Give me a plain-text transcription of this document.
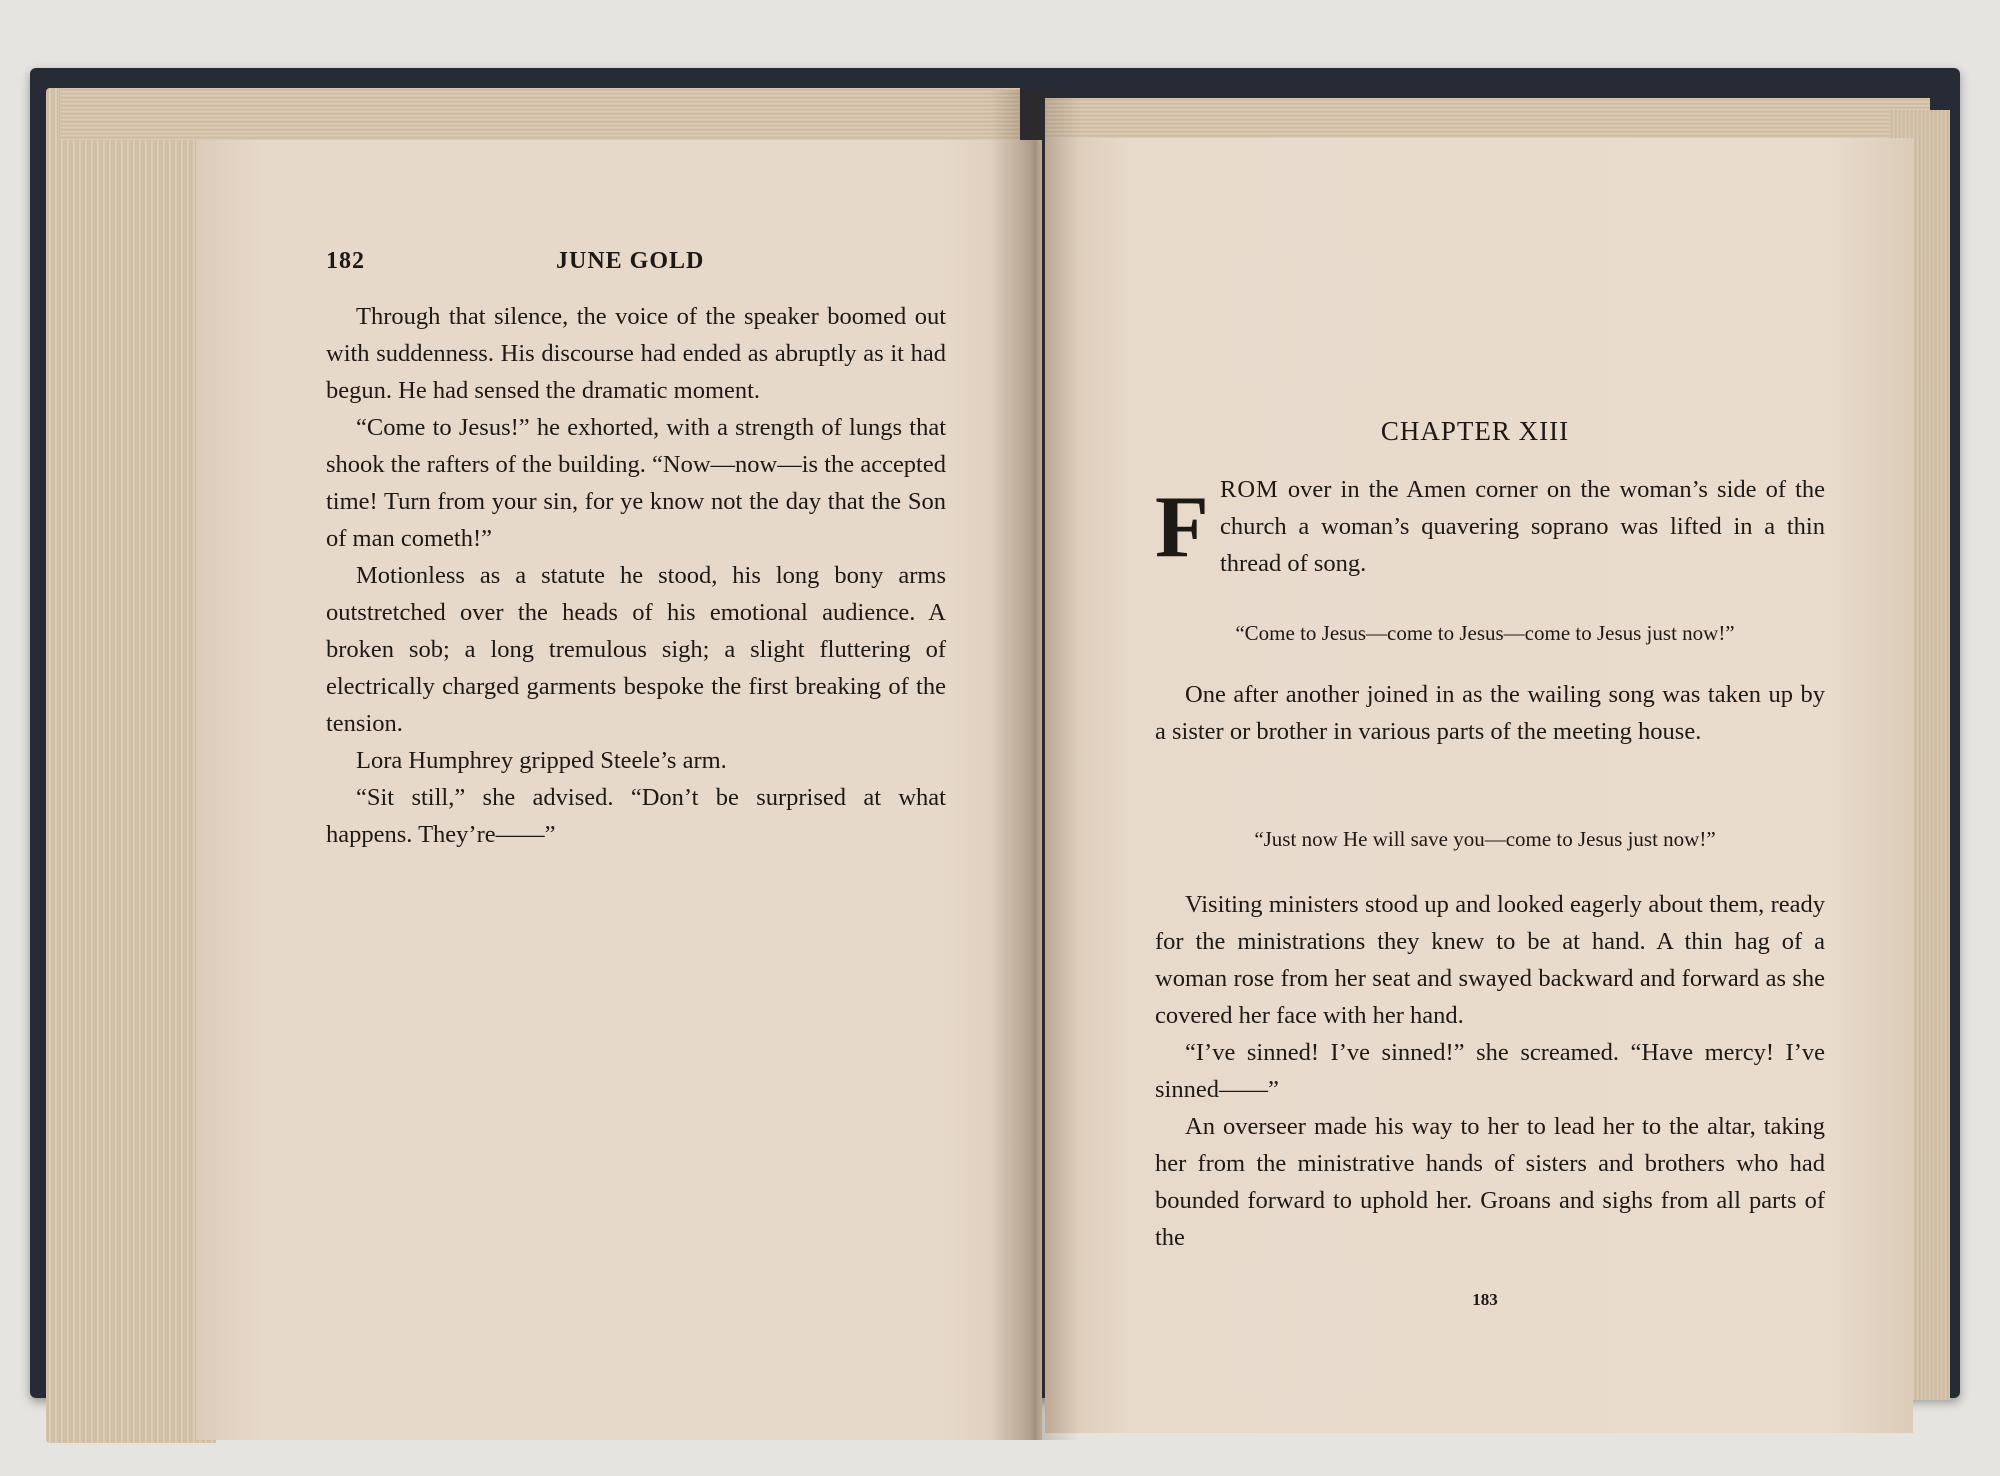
182	JUNE GOLD

Through that silence, the voice of the speaker boomed out with suddenness. His discourse had ended as abruptly as it had begun. He had sensed the dramatic moment.

“Come to Jesus!” he exhorted, with a strength of lungs that shook the rafters of the building. “Now—now—is the accepted time! Turn from your sin, for ye know not the day that the Son of man cometh!”

Motionless as a statute he stood, his long bony arms outstretched over the heads of his emotional audience. A broken sob; a long tremulous sigh; a slight fluttering of electrically charged garments bespoke the first breaking of the tension.

Lora Humphrey gripped Steele’s arm.

“Sit still,” she advised. “Don’t be surprised at what happens. They’re——”

CHAPTER XIII
F ROM over in the Amen corner on the woman’s side of the church a woman’s quavering soprano was lifted in a thin thread of song.
“Come to Jesus—come to Jesus—come to Jesus just now!”

One after another joined in as the wailing song was taken up by a sister or brother in various parts of the meeting house.

“Just now He will save you—come to Jesus just now!”

Visiting ministers stood up and looked eagerly about them, ready for the ministrations they knew to be at hand. A thin hag of a woman rose from her seat and swayed backward and forward as she covered her face with her hand.

“I’ve sinned! I’ve sinned!” she screamed. “Have mercy! I’ve sinned——”

An overseer made his way to her to lead her to the altar, taking her from the ministrative hands of sisters and brothers who had bounded forward to uphold her. Groans and sighs from all parts of the

183
